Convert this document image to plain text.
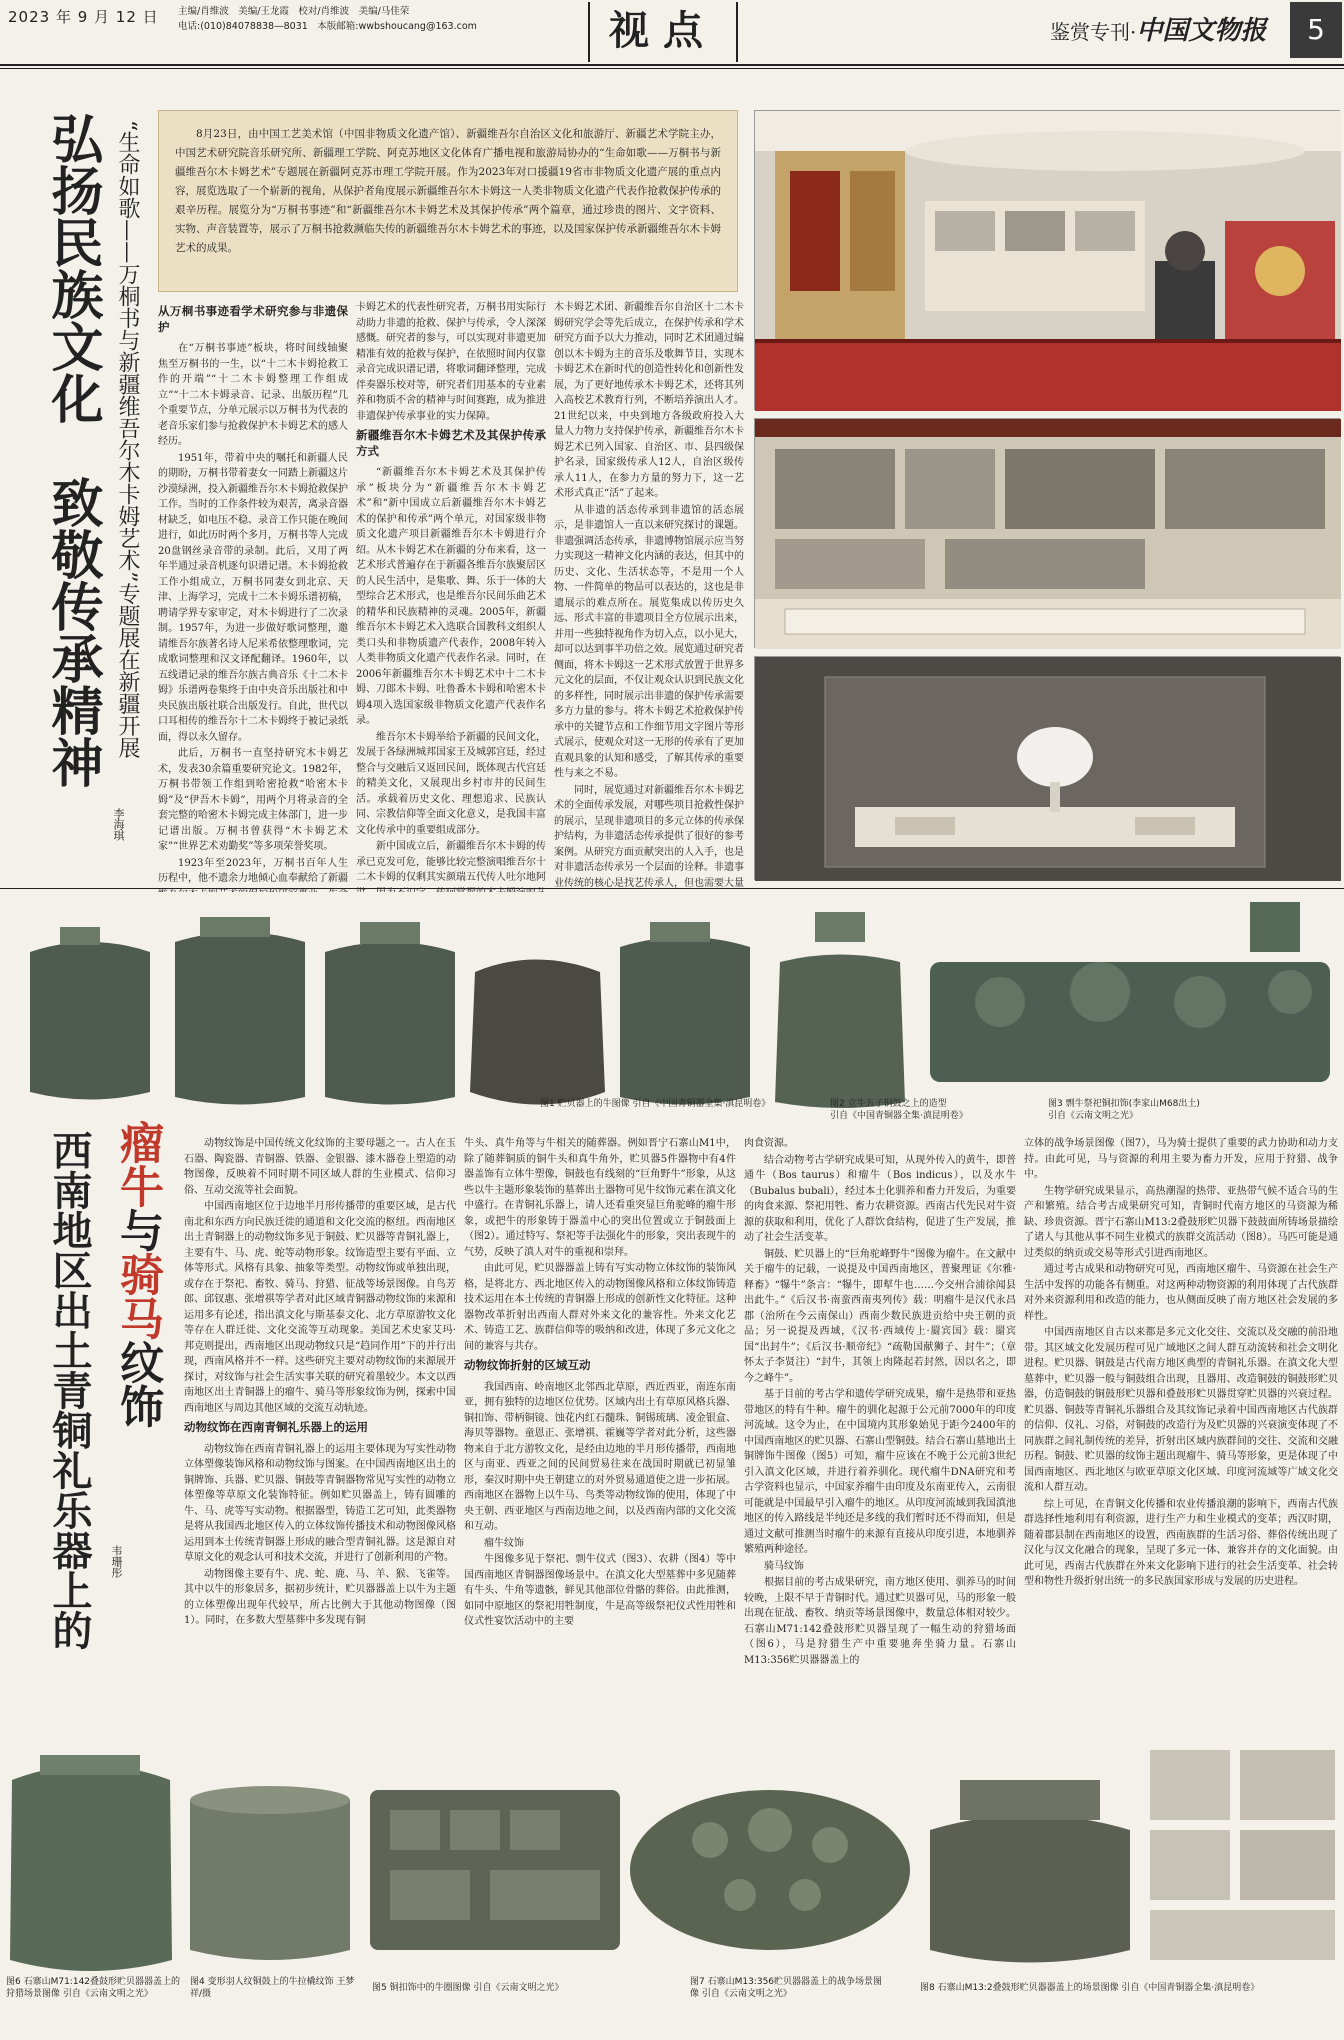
2023 年 9 月 12 日 主编/肖维波　美编/王龙霞　校对/肖维波　美编/马佳荣
电话:(010)84078838—8031　本版邮箱:wwbshoucang@163.com	视点	鉴赏专刊·中国文物报	5
弘扬民族文化　致敬传承精神 “生命如歌——万桐书与新疆维吾尔木卡姆艺术”专题展在新疆开展
李海琪
8月23日，由中国工艺美术馆（中国非物质文化遗产馆）、新疆维吾尔自治区文化和旅游厅、新疆艺术学院主办，中国艺术研究院音乐研究所、新疆理工学院、阿克苏地区文化体育广播电视和旅游局协办的“生命如歌——万桐书与新疆维吾尔木卡姆艺术”专题展在新疆阿克苏市理工学院开展。作为2023年对口援疆19省市非物质文化遗产展的重点内容，展览选取了一个崭新的视角，从保护者角度展示新疆维吾尔木卡姆这一人类非物质文化遗产代表作抢救保护传承的艰辛历程。展览分为“万桐书事迹”和“新疆维吾尔木卡姆艺术及其保护传承”两个篇章，通过珍贵的图片、文字资料、实物、声音装置等，展示了万桐书抢救濒临失传的新疆维吾尔木卡姆艺术的事迹，以及国家保护传承新疆维吾尔木卡姆艺术的成果。
从万桐书事迹看学术研究参与非遗保护

在“万桐书事迹”板块，将时间线轴聚焦至万桐书的一生，以“十二木卡姆抢救工作的开端”“十二木卡姆整理工作组成立”“十二木卡姆录音、记录、出版历程”几个重要节点，分单元展示以万桐书为代表的老音乐家们参与抢救保护木卡姆艺术的感人经历。

1951年，带着中央的嘱托和新疆人民的期盼，万桐书带着妻女一同踏上新疆这片沙漠绿洲，投入新疆维吾尔木卡姆抢救保护工作。当时的工作条件较为艰苦，离录音器材缺乏，如电压不稳、录音工作只能在晚间进行，如此历时两个多月，万桐书等人完成20盘钢丝录音带的录制。此后，又用了两年半通过录音机逐句识谱记谱。木卡姆抢救工作小组成立，万桐书同妻女到北京、天津、上海学习，完成十二木卡姆乐谱初稿，聘请学界专家审定，对木卡姆进行了二次录制。1957年，为进一步做好歌词整理，邀请维吾尔族著名诗人尼米希依整理歌词，完成歌词整理和汉文译配翻译。1960年，以五线谱记录的维吾尔族古典音乐《十二木卡姆》乐谱两卷集终于由中央音乐出版社和中央民族出版社联合出版发行。自此，世代以口耳相传的维吾尔十二木卡姆终于被记录纸面，得以永久留存。

此后，万桐书一直坚持研究木卡姆艺术，发表30余篇重要研究论文。1982年，万桐书带领工作组到哈密抢救“哈密木卡姆”及“伊吾木卡姆”，用两个月将录音的全套完整的哈密木卡姆完成主体部门，进一步记谱出版。万桐书曾获得“木卡姆艺术家”“世界艺术劝勤奖”等多项荣誉奖项。

1923年至2023年，万桐书百年人生历程中，他不遗余力地倾心血奉献给了新疆

卡姆艺术的代表性研究者，万桐书用实际行动助力非遗的抢救、保护与传承，令人深深感慨。研究者的参与，可以实现对非遗更加精准有效的抢救与保护，在依照时间内仅靠录音完成识谱记谱，将歌词翻译整理，完成伴奏器乐校对等，研究者们用基本的专业素养和物质不舍的精神与时间赛跑，成为推进非遗保护传承事业的实力保障。

新疆维吾尔木卡姆艺术及其保护传承方式

“新疆维吾尔木卡姆艺术及其保护传承”板块分为“新疆维吾尔木卡姆艺术”和“新中国成立后新疆维吾尔木卡姆艺术的保护和传承”两个单元，对国家级非物质文化遗产项目新疆维吾尔木卡姆进行介绍。从木卡姆艺术在新疆的分布来看，这一艺术形式普遍存在于新疆各维吾尔族聚居区的人民生活中，是集歌、舞、乐于一体的大型综合艺术形式，也是维吾尔民间乐曲艺术的精华和民族精神的灵魂。2005年，新疆维吾尔木卡姆艺术入选联合国教科文组织人类口头和非物质遗产代表作，2008年转入人类非物质文化遗产代表作名录。同时，在2006年新疆维吾尔木卡姆艺术中十二木卡姆、刀郎木卡姆、吐鲁番木卡姆和哈密木卡姆4项入选国家级非物质文化遗产代表作名录。

维吾尔木卡姆举给予新疆的民间文化，发展于各绿洲城邦国家王及城郭宫廷，经过整合与交融后又返回民间，既体现古代宫廷的精美文化，又展现出乡村市井的民间生活。承载着历史文化、理想追求、民族认同、宗教信仰等全面文化意义，是我国丰富文化传承中的重要组成部分。

新中国成立后，新疆维吾尔木卡姆的传承已克发可危，能够比较完整演唱维吾尔十二木卡姆的仅剩其实颜瑞五代传人吐尔地阿

木卡姆艺术团、新疆维吾尔自治区十二木卡姆研究学会等先后成立，在保护传承和学术研究方面予以大力推动，同时艺术团通过编创以木卡姆为主的音乐及歌舞节目，实现木卡姆艺术在新时代的创造性转化和创新性发展，为了更好地传承木卡姆艺术，还将其列入高校艺术教育行列，不断培养演出人才。21世纪以来，中央到地方各级政府投入大量人力物力支持保护传承，新疆维吾尔木卡姆艺术已列入国家、自治区、市、县四级保护名录，国家级传承人12人，自治区级传承人11人，在参力方量的努力下，这一艺术形式真正“活”了起来。

从非遗的活态传承到非遗馆的活态展示，是非遗馆人一直以来研究探讨的课题。非遗强调活态传承，非遗博物馆展示应当努力实现这一精神文化内涵的表达，但其中的历史、文化、生活状态等，不是用一个人物、一件简单的物品可以表达的，这也是非遗展示的难点所在。展览集成以传历史久远、形式丰富的非遗项目全方位展示出来，并用一些独特视角作为切入点，以小见大，却可以达到事半功倍之效。展览通过研究者侧面，将木卡姆这一艺术形式放置于世界多元文化的层面，不仅让观众认识到民族文化的多样性，同时展示出非遗的保护传承需要多方力量的参与。将木卡姆艺术抢救保护传承中的关键节点和工作细节用文字图片等形式展示，使观众对这一无形的传承有了更加直观具象的认知和感受，了解其传承的重要性与来之不易。

同时，展览通过对新疆维吾尔木卡姆艺术的全面传承发展，对哪些项目抢救性保护的展示，呈现非遗项目的多元立体的传承保护结构，为非遗活态传承提供了很好的参考案例。从研究方面贡献突出的人入手，也是对非遗活态传承另一个层面的诠释。非遗事业传统的核心是找艺传承人，但也需要大量

图1 贮贝器上的牛图像 引自《中国青铜器全集·滇昆明卷》	图2 立牛五子铜鼓之上的造型
引自《中国青铜器全集·滇昆明卷》
图3 剽牛祭祀铜扣饰(李家山M68出土)
引自《云南文明之光》
西南地区出土青铜礼乐器上的 瘤牛与骑马纹饰
韦珊彤

动物纹饰是中国传统文化纹饰的主要母题之一。古人在玉石器、陶瓷器、青铜器、铁器、金银器、漆木器卷上塑造的动物图像，反映着不同时期不同区域人群的生业模式、信仰习俗、互动交流等社会面貌。

中国西南地区位于边地半月形传播带的重要区域，是古代南北和东西方向民族迁徙的通道和文化交流的枢纽。西南地区出土青铜器上的动物纹饰多见于铜鼓、贮贝器等青铜礼器上，主要有牛、马、虎、蛇等动物形象。纹饰造型主要有平面、立体等形式。风格有具象、抽象等类型。动物纹饰或单独出现，或存在于祭祀、畜牧、骑马、狩猎、征战等场景图像。自鸟芳郎、邱钗惠、张增祺等学者对此区域青铜器动物纹饰的来源和运用多有论述，指出滇文化与斯基泰文化、北方草原游牧文化等存在人群迁徙、文化交流等互动现象。美国艺术史家艾玛·邦克则提出，西南地区出现动物纹只是“趋同作用”下的并行出现，西南风格并不一样。这些研究主要对动物纹饰的来源展开探讨，对纹饰与社会生活实事关联的研究着墨较少。本文以西南地区出土青铜器上的瘤牛、骑马等形象纹饰为例，探索中国西南地区与周边其他区域的交流互动轨迹。

动物纹饰在西南青铜礼乐器上的运用

动物纹饰在西南青铜礼器上的运用主要体现为写实性动物立体塑像装饰风格和动物纹饰与图案。在中国西南地区出土的铜牌饰、兵器、贮贝器、铜鼓等青铜器物常见写实性的动物立体塑像等草原文化装饰特征。例如贮贝器盖上，铸有圆雕的牛、马、虎等写实动物。根据器型，铸造工艺可知，此类器物是将从我国西北地区传入的立体纹饰传播技术和动物图像风格运用到本土传统青铜器上形成的融合型青铜礼器。这是源自对草原文化的观念认可和技术交流，并进行了创新利用的产物。

动物图像主要有牛、虎、蛇、鹿、马、羊、猴、飞雀等。其中以牛的形象居多，据初步统计，贮贝器器盖上以牛为主题的立体塑像出现年代较早，所占比例大于其他动物图像（图1）。同时，在多数大型墓葬中多发现有铜

牛头、真牛角等与牛相关的随葬器。例如晋宁石寨山M1中，除了随葬铜质的铜牛头和真牛角外，贮贝器5件器物中有4件器盖饰有立体牛塑像，铜鼓也有线刻的“巨角野牛”形象，从这些以牛主题形象装饰的墓葬出土器物可见牛纹饰元素在滇文化中盛行。在青铜礼乐器上，请人还看重突显巨角驼峰的瘤牛形象，或把牛的形象铸于器盖中心的突出位置或立于铜鼓面上（图2）。通过特写、祭祀等手法强化牛的形象，突出表现牛的气势，反映了滇人对牛的重视和崇拜。

由此可见，贮贝器器盖上铸有写实动物立体纹饰的装饰风格，是将北方、西北地区传入的动物图像风格和立体纹饰铸造技术运用在本土传统的青铜器上形成的创新性文化特征。这种器物改革折射出西南人群对外来文化的兼容性。外来文化艺术、铸造工艺、族群信仰等的吸纳和改进，体现了多元文化之间的兼容与共存。

动物纹饰折射的区域互动

我国西南、岭南地区北邻西北草原，西近西亚，南连东南亚，拥有独特的边地区位优势。区域内出土有草原风格兵器、铜扣饰、带柄铜镜、蚀花内红石髓珠、铜锡琉璃、凌金银盒、海贝等器物。童恩正、张增祺、霍巍等学者对此分析，这些器物来自于北方游牧文化，是经由边地的半月形传播带，西南地区与南亚、西亚之间的民间贸易往来在战国时期就已初显雏形，秦汉时期中央王朝建立的对外贸易通道使之进一步拓展。西南地区在器物上以牛马、鸟类等动物纹饰的使用，体现了中央王朝、西亚地区与西南边地之间，以及西南内部的文化交流和互动。

瘤牛纹饰

牛图像多见于祭祀、剽牛仪式（图3）、农耕（图4）等中国西南地区青铜器图像场景中。在滇文化大型墓葬中多见随葬有牛头、牛角等遗骸，鲜见其他部位骨骼的葬俗。由此推测，如同中原地区的祭祀用牲制度，牛是高等级祭祀仪式性用牲和仪式性宴饮活动中的主要

肉食资源。

结合动物考古学研究成果可知，从现外传入的黄牛，即普通牛（Bos taurus）和瘤牛（Bos indicus），以及水牛（Bubalus bubali），经过本土化驯养和畜力开发后，为重要的肉食来源、祭祀用牲、畜力农耕资源。西南古代先民对牛资源的获取和利用，优化了人群饮食结构，促进了生产发展，推动了社会生活变革。

铜鼓、贮贝器上的“巨角驼峰野牛”图像为瘤牛。在文献中关于瘤牛的记载，一说提及中国西南地区，普聚理证《尔雅·释畜》“犦牛”条言：“犦牛，即犎牛也……今交州合浦徐闻县出此牛。”《后汉书·南蛮西南夷列传》载：明瘤牛是汉代永昌郡（治所在今云南保山）西南少数民族进贡给中央王朝的贡品；另一说提及西域，《汉书·西域传上·罽宾国》载：罽宾国“出封牛”；《后汉书·顺帝纪》“疏勒国献狮子、封牛”；（章怀太子李贤注）“封牛，其领上肉隆起若封然，因以名之，即今之峰牛”。

基于目前的考古学和遗传学研究成果，瘤牛是热带和亚热带地区的特有牛种。瘤牛的驯化起源于公元前7000年的印度河流域。这令为止，在中国境内其形象始见于距今2400年的中国西南地区的贮贝器、石寨山型铜鼓。结合石寨山墓地出土铜牌饰牛图像（图5）可知，瘤牛应该在不晚于公元前3世纪引入滇文化区域，并进行着养驯化。现代瘤牛DNA研究和考古学资料也显示，中国家养瘤牛由印度及东南亚传入，云南很可能就是中国最早引入瘤牛的地区。从印度河流域到我国滇池地区的传入路线是半纯还是多线的我们暂时还不得而知，但是通过文献可推测当时瘤牛的来源有直接从印度引进，本地驯养繁殖两种途径。

骑马纹饰

根据目前的考古成果研究，南方地区使用、驯养马的时间较晚，上限不早于青铜时代。通过贮贝器可见，马的形象一般出现在征战、畜牧、纳贡等场景图像中，数量总体相对较少。石寨山M71:142叠鼓形贮贝器呈现了一幅生动的狩猎场面（图6），马是狩猎生产中重要驰奔坐骑力量。石寨山M13:356贮贝器器盖上的

立体的战争场景图像（图7），马为骑士提供了重要的武力协助和动力支持。由此可见，马与资源的利用主要为畜力开发，应用于狩猎、战争中。

生物学研究成果显示，高热潮湿的热带、亚热带气候不适合马的生产和繁殖。结合考古成果研究可知，青铜时代南方地区的马资源为稀缺、珍贵资源。晋宁石寨山M13:2叠鼓形贮贝器下鼓鼓面所铸场景描绘了诸人与其他从事不同生业模式的族群交流活动（图8）。马匹可能是通过类似的纳贡或交易等形式引进西南地区。

通过考古成果和动物研究可见，西南地区瘤牛、马资源在社会生产生活中发挥的功能各有侧重。对这两种动物资源的利用体现了古代族群对外来资源利用和改造的能力，也从侧面反映了南方地区社会发展的多样性。

中国西南地区自古以来都是多元文化交往、交流以及交融的前沿地带。其区域文化发展历程可见广域地区之间人群互动流转和社会文明化进程。贮贝器、铜鼓是古代南方地区典型的青铜礼乐器。在滇文化大型墓葬中，贮贝器一般与铜鼓组合出现，且器用、改造铜鼓的铜鼓形贮贝器，仿造铜鼓的铜鼓形贮贝器和叠鼓形贮贝器贯穿贮贝器的兴衰过程。贮贝器、铜鼓等青铜礼乐器组合及其纹饰记录着中国西南地区古代族群的信仰、仪礼、习俗，对铜鼓的改造行为及贮贝器的兴衰演变体现了不同族群之间礼制传统的差异，折射出区域内族群间的交往、交流和交融历程。铜鼓、贮贝器的纹饰主题出现瘤牛、骑马等形象，更是体现了中国西南地区、西北地区与欧亚草原文化区域、印度河流域等广域文化交流和人群互动。

综上可见，在青铜文化传播和农业传播浪潮的影响下，西南古代族群选择性地利用有利资源，进行生产力和生业模式的变革；西汉时期，随着郡县制在西南地区的设置，西南族群的生活习俗、葬俗传统出现了汉化与汉文化融合的现象，呈现了多元一体、兼容并存的文化面貌。由此可见，西南古代族群在外来文化影响下进行的社会生活变革、社会转型和物性升级折射出统一的多民族国家形成与发展的历史进程。

图6 石寨山M71:142叠鼓形贮贝器器盖上的狩猎场景图像 引自《云南文明之光》
图4 变形羽人纹铜鼓上的牛拉橇纹饰 王梦祥/摄
图5 铜扣饰中的牛圈图像 引自《云南文明之光》
图7 石寨山M13:356贮贝器器盖上的战争场景图像 引自《云南文明之光》
图8 石寨山M13:2叠鼓形贮贝器器盖上的场景图像 引自《中国青铜器全集·滇昆明卷》
